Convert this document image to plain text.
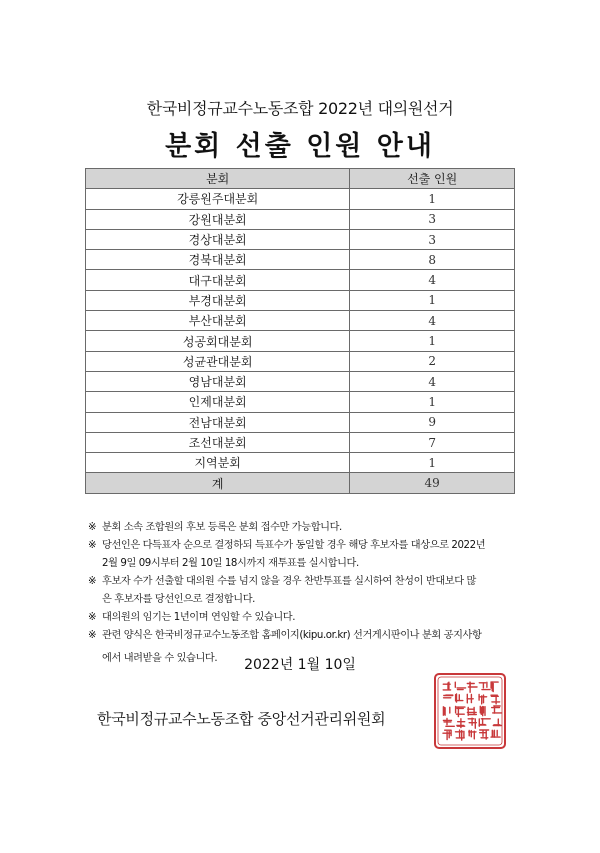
한국비정규교수노동조합 2022년 대의원선거
분회 선출 인원 안내
분회	선출 인원
강릉원주대분회	1
강원대분회	3
경상대분회	3
경북대분회	8
대구대분회	4
부경대분회	1
부산대분회	4
성공회대분회	1
성균관대분회	2
영남대분회	4
인제대분회	1
전남대분회	9
조선대분회	7
지역분회	1
계	49
※ 분회 소속 조합원의 후보 등록은 분회 접수만 가능합니다.
※ 당선인은 다득표자 순으로 결정하되 득표수가 동일할 경우 해당 후보자를 대상으로 2022년
2월 9일 09시부터 2월 10일 18시까지 재투표를 실시합니다.
※ 후보자 수가 선출할 대의원 수를 넘지 않을 경우 찬반투표를 실시하여 찬성이 반대보다 많
은 후보자를 당선인으로 결정합니다.
※ 대의원의 임기는 1년이며 연임할 수 있습니다.
※ 관련 양식은 한국비정규교수노동조합 홈페이지(kipu.or.kr) 선거게시판이나 분회 공지사항
에서 내려받을 수 있습니다.	2022년 1월 10일
한국비정규교수노동조합 중앙선거관리위원회
